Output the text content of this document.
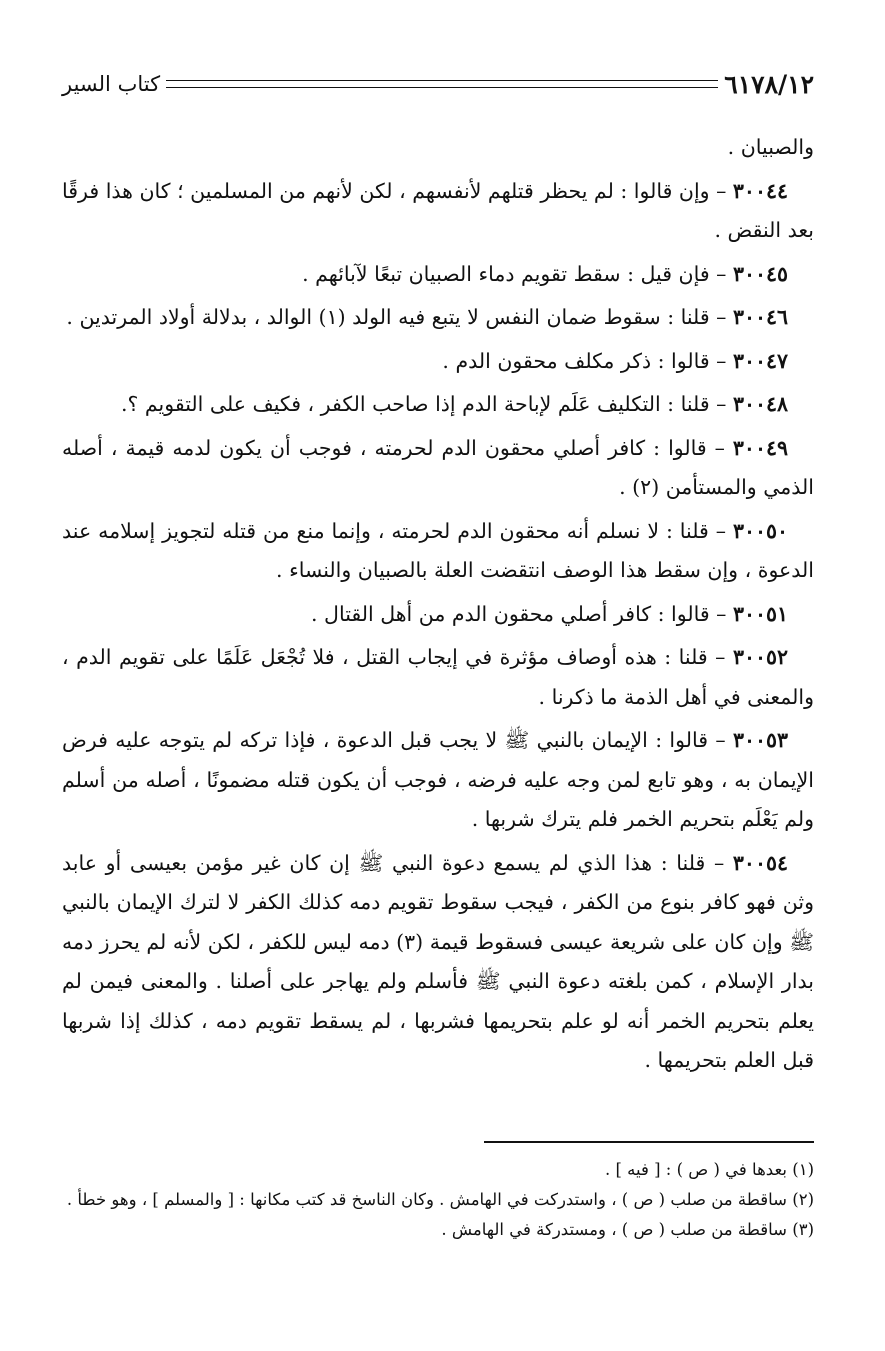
٦١٧٨/١٢
كتاب السير

والصبيان .

٣٠٠٤٤ – وإن قالوا : لم يحظر قتلهم لأنفسهم ، لكن لأنهم من المسلمين ؛ كان هذا فرقًا بعد النقض .

٣٠٠٤٥ – فإن قيل : سقط تقويم دماء الصبيان تبعًا لآبائهم .

٣٠٠٤٦ – قلنا : سقوط ضمان النفس لا يتبع فيه الولد (١) الوالد ، بدلالة أولاد المرتدين .

٣٠٠٤٧ – قالوا : ذكر مكلف محقون الدم .

٣٠٠٤٨ – قلنا : التكليف عَلَم لإباحة الدم إذا صاحب الكفر ، فكيف على التقويم ؟.

٣٠٠٤٩ – قالوا : كافر أصلي محقون الدم لحرمته ، فوجب أن يكون لدمه قيمة ، أصله الذمي والمستأمن (٢) .

٣٠٠٥٠ – قلنا : لا نسلم أنه محقون الدم لحرمته ، وإنما منع من قتله لتجويز إسلامه عند الدعوة ، وإن سقط هذا الوصف انتقضت العلة بالصبيان والنساء .

٣٠٠٥١ – قالوا : كافر أصلي محقون الدم من أهل القتال .

٣٠٠٥٢ – قلنا : هذه أوصاف مؤثرة في إيجاب القتل ، فلا تُجْعَل عَلَمًا على تقويم الدم ، والمعنى في أهل الذمة ما ذكرنا .

٣٠٠٥٣ – قالوا : الإيمان بالنبي ﷺ لا يجب قبل الدعوة ، فإذا تركه لم يتوجه عليه فرض الإيمان به ، وهو تابع لمن وجه عليه فرضه ، فوجب أن يكون قتله مضمونًا ، أصله من أسلم ولم يَعْلَم بتحريم الخمر فلم يترك شربها .

٣٠٠٥٤ – قلنا : هذا الذي لم يسمع دعوة النبي ﷺ إن كان غير مؤمن بعيسى أو عابد وثن فهو كافر بنوع من الكفر ، فيجب سقوط تقويم دمه كذلك الكفر لا لترك الإيمان بالنبي ﷺ وإن كان على شريعة عيسى فسقوط قيمة (٣) دمه ليس للكفر ، لكن لأنه لم يحرز دمه بدار الإسلام ، كمن بلغته دعوة النبي ﷺ فأسلم ولم يهاجر على أصلنا . والمعنى فيمن لم يعلم بتحريم الخمر أنه لو علم بتحريمها فشربها ، لم يسقط تقويم دمه ، كذلك إذا شربها قبل العلم بتحريمها .

(١) بعدها في ( ص ) : [ فيه ] .

(٢) ساقطة من صلب ( ص ) ، واستدركت في الهامش . وكان الناسخ قد كتب مكانها : [ والمسلم ] ، وهو خطأ .

(٣) ساقطة من صلب ( ص ) ، ومستدركة في الهامش .
